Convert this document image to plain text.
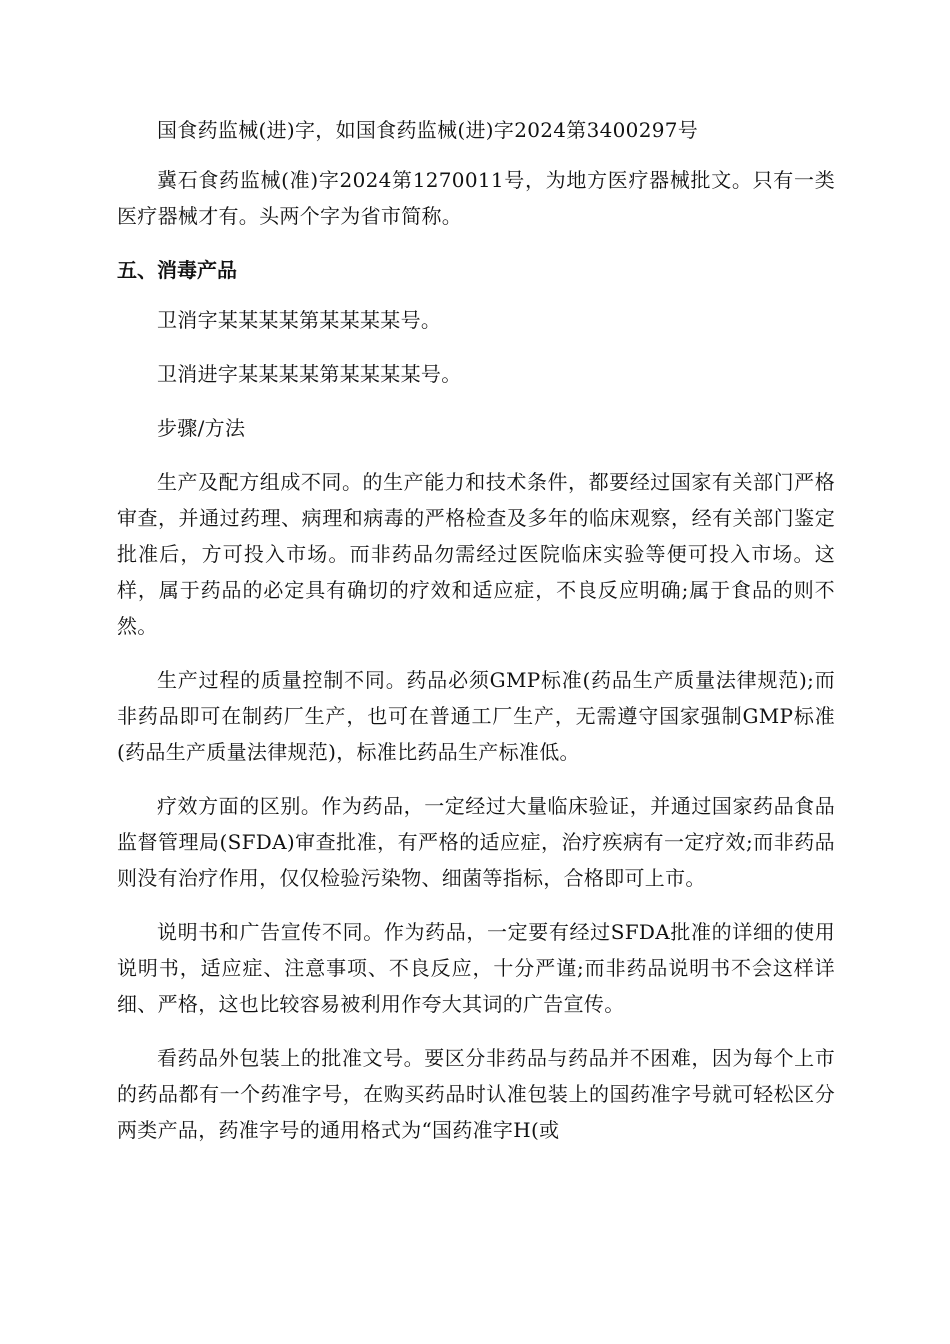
国食药监械(进)字，如国食药监械(进)字2024第3400297号

冀石食药监械(准)字2024第1270011号，为地方医疗器械批文。只有一类医疗器械才有。头两个字为省市简称。

五、消毒产品

卫消字某某某某第某某某某号。

卫消进字某某某某第某某某某号。

步骤/方法

生产及配方组成不同。的生产能力和技术条件，都要经过国家有关部门严格审查，并通过药理、病理和病毒的严格检查及多年的临床观察，经有关部门鉴定批准后，方可投入市场。而非药品勿需经过医院临床实验等便可投入市场。这样，属于药品的必定具有确切的疗效和适应症，不良反应明确;属于食品的则不然。

生产过程的质量控制不同。药品必须GMP标准(药品生产质量法律规范);而非药品即可在制药厂生产，也可在普通工厂生产，无需遵守国家强制GMP标准(药品生产质量法律规范)，标准比药品生产标准低。

疗效方面的区别。作为药品，一定经过大量临床验证，并通过国家药品食品监督管理局(SFDA)审查批准，有严格的适应症，治疗疾病有一定疗效;而非药品则没有治疗作用，仅仅检验污染物、细菌等指标，合格即可上市。

说明书和广告宣传不同。作为药品，一定要有经过SFDA批准的详细的使用说明书，适应症、注意事项、不良反应，十分严谨;而非药品说明书不会这样详细、严格，这也比较容易被利用作夸大其词的广告宣传。

看药品外包装上的批准文号。要区分非药品与药品并不困难，因为每个上市的药品都有一个药准字号，在购买药品时认准包装上的国药准字号就可轻松区分两类产品，药准字号的通用格式为“国药准字H(或
